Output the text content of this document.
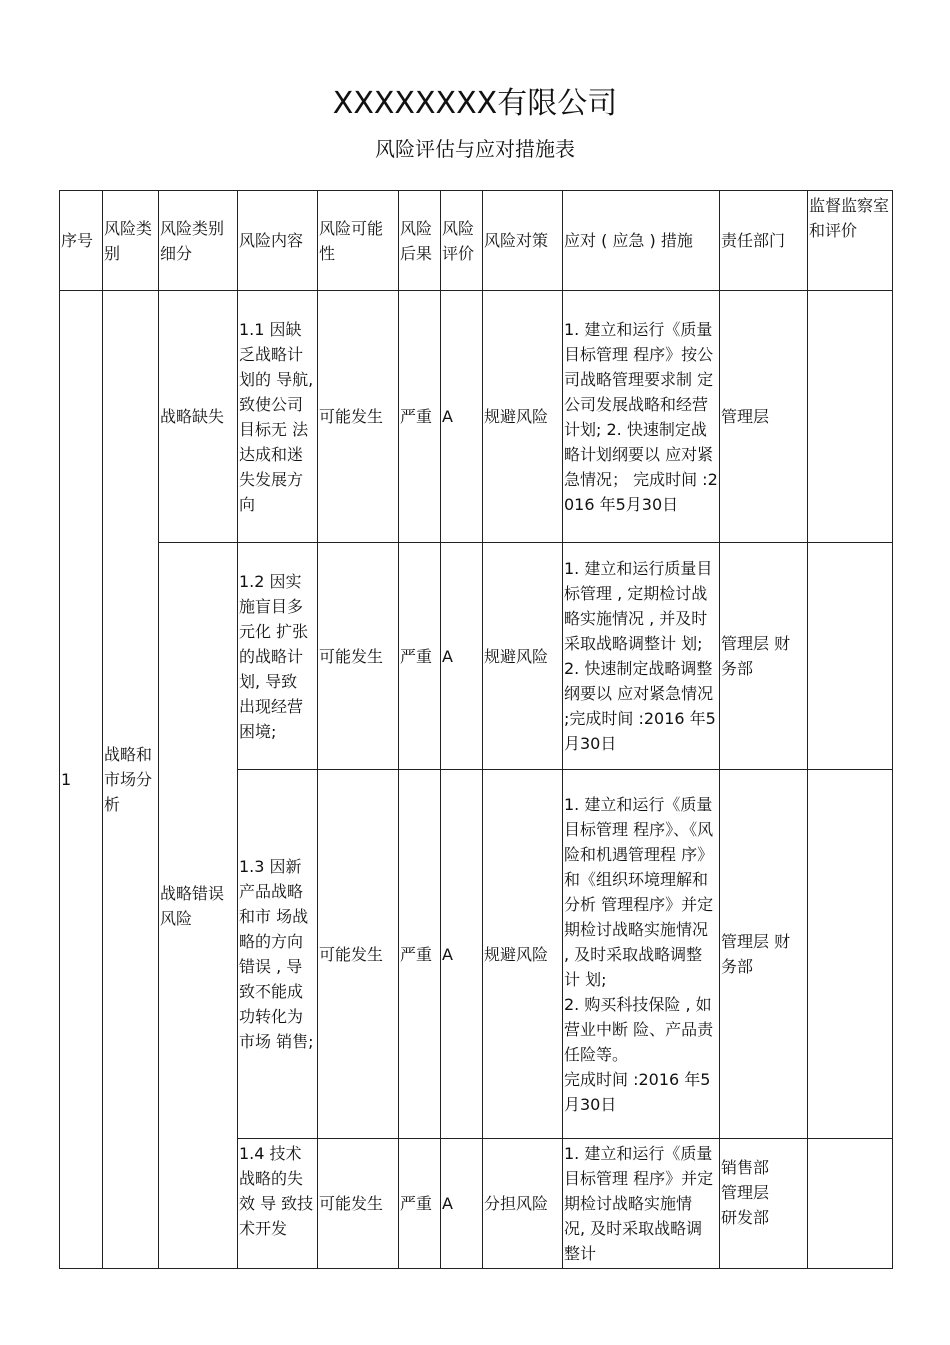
XXXXXXXX有限公司
风险评估与应对措施表
序号	风险类别	风险类别细分	风险内容	风险可能性	风险后果	风险评价	风险对策	应对 ( 应急 ) 措施	责任部门	监督监察室和评价
1	战略和市场分析	战略缺失	1.1 因缺乏战略计划的 导航, 致使公司目标无 法达成和迷失发展方向	可能发生	严重	A	规避风险	1. 建立和运行《质量目标管理 程序》按公司战略管理要求制 定公司发展战略和经营计划; 2. 快速制定战略计划纲要以 应对紧急情况； 完成时间 :2016 年5月30日	管理层	
		战略错误风险	1.2 因实施盲目多元化 扩张的战略计划, 导致 出现经营困境;	可能发生	严重	A	规避风险	1. 建立和运行质量目标管理 , 定期检讨战略实施情况 , 并及时采取战略调整计 划; 2. 快速制定战略调整纲要以 应对紧急情况 ;完成时间 :2016 年5月30日	管理层 财务部	
			1.3 因新产品战略和市 场战略的方向错误 , 导 致不能成功转化为市场 销售;	可能发生	严重	A	规避风险	1. 建立和运行《质量目标管理 程序》、《风险和机遇管理程 序》和《组织环境理解和分析 管理程序》并定期检讨战略实施情况 , 及时采取战略调整计 划;
2. 购买科技保险 , 如营业中断 险、产品责任险等。
完成时间 :2016 年5月30日	管理层 财务部	
			1.4 技术战略的失效 导 致技术开发	可能发生	严重	A	分担风险	1. 建立和运行《质量目标管理 程序》并定期检讨战略实施情 况, 及时采取战略调整计	销售部
管理层
研发部	
